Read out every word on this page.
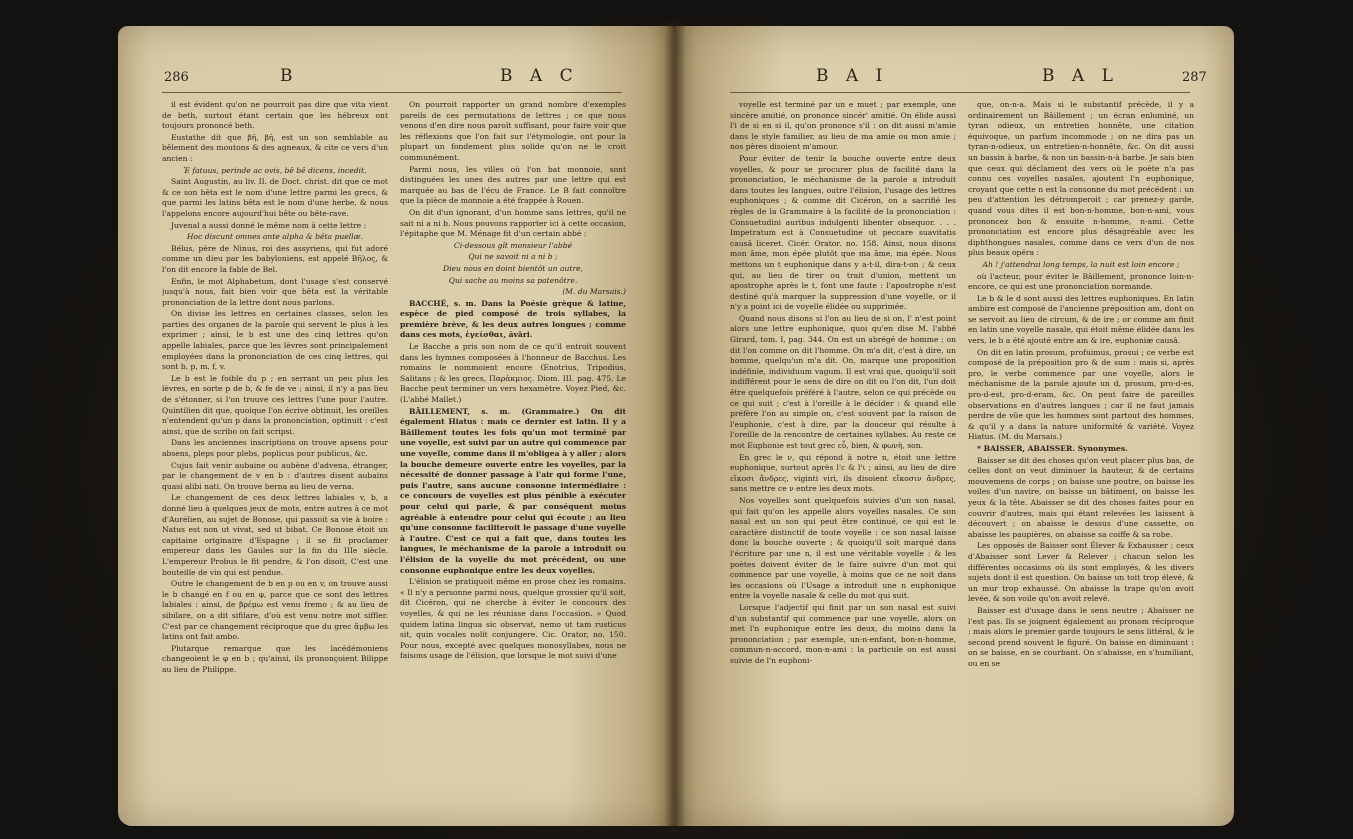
286	B	B A C

il est évident qu'on ne pourroit pas dire que vita vient de beth, surtout étant certain que les hébreux ont toujours prononcé beth.

Eustathe dit que βῆ, βῆ, est un son semblable au bêlement des moutons & des agneaux, & cite ce vers d'un ancien :

Ἐ fatuus, perinde ac ovis, bê bê dicens, incedit.

Saint Augustin, au liv. II. de Doct. christ. dit que ce mot & ce son bêta est le nom d'une lettre parmi les grecs, & que parmi les latins bêta est le nom d'une herbe, & nous l'appelons encore aujourd'hui bête ou bête-rave.

Juvenal a aussi donné le même nom à cette lettre :

Hoc discunt omnes ante alpha & bêta puellæ.

Bélus, père de Ninus, roi des assyriens, qui fut adoré comme un dieu par les babyloniens, est appelé Βῆλος, & l'on dit encore la fable de Bel.

Enfin, le mot Alphabetum, dont l'usage s'est conservé jusqu'à nous, fait bien voir que bêta est la véritable prononciation de la lettre dont nous parlons.

On divise les lettres en certaines classes, selon les parties des organes de la parole qui servent le plus à les exprimer ; ainsi, le b est une des cinq lettres qu'on appelle labiales, parce que les lèvres sont principalement employées dans la prononciation de ces cinq lettres, qui sont b, p, m, f, v.

Le b est le foible du p ; en serrant un peu plus les lèvres, en sorte p de b, & fe de ve ; ainsi, il n'y a pas lieu de s'étonner, si l'on trouve ces lettres l'une pour l'autre. Quintilien dit que, quoique l'on écrive obtinuit, les oreilles n'entendent qu'un p dans la prononciation, optinuit : c'est ainsi, que de scribo on fait scripsi.

Dans les anciennes inscriptions on trouve apsens pour absens, pleps pour plebs, poplicus pour publicus, &c.

Cujus fait venir aubaine ou aubène d'advena, étranger, par le changement de v en b : d'autres disent aubains quasi alibi nati. On trouve berna au lieu de verna.

Le changement de ces deux lettres labiales v, b, a donné lieu à quelques jeux de mots, entre autres à ce mot d'Aurélien, au sujet de Bonose, qui passoit sa vie à boire : Natus est non ut vivat, sed ut bibat. Ce Bonose étoit un capitaine originaire d'Espagne ; il se fit proclamer empereur dans les Gaules sur la fin du IIIe siècle. L'empereur Probus le fit pendre, & l'on disoit, C'est une bouteille de vin qui est pendue.

Outre le changement de b en p ou en v, on trouve aussi le b changé en f ou en φ, parce que ce sont des lettres labiales : ainsi, de βρέμω est venu fremo ; & au lieu de sibilare, on a dit sifilare, d'où est venu notre mot siffler. C'est par ce changement réciproque que du grec ἄμβω les latins ont fait ambo.

Plutarque remarque que les lacédémoniens changeoient le φ en b ; qu'ainsi, ils prononçoient Bilippe au lieu de Philippe.

On pourroit rapporter un grand nombre d'exemples pareils de ces permutations de lettres ; ce que nous venons d'en dire nous paroît suffisant, pour faire voir que les réflexions que l'on fait sur l'étymologie, ont pour la plupart un fondement plus solide qu'on ne le croit communément.

Parmi nous, les villes où l'on bat monnoie, sont distinguées les unes des autres par une lettre qui est marquée au bas de l'écu de France. Le B fait connoître que la pièce de monnoie a été frappée à Rouen.

On dit d'un ignorant, d'un homme sans lettres, qu'il ne sait ni a ni b. Nous pouvons rapporter ici à cette occasion, l'épitaphe que M. Ménage fit d'un certain abbé :

Ci-dessous gît monsieur l'abbé

Qui ne savoit ni a ni b ;

Dieu nous en doint bientôt un autre,

Qui sache au moins sa patenôtre.

(M. du Marsais.)

BACCHÉ, s. m. Dans la Poésie grèque & latine, espèce de pied composé de trois syllabes, la première brève, & les deux autres longues ; comme dans ces mots, ἐγείσθαι, ăvāri.

Le Bacche a pris son nom de ce qu'il entroit souvent dans les hymnes composées à l'honneur de Bacchus. Les romains le nommoient encore Œnotrius, Tripodius, Salitans ; & les grecs, Παρἀκμιος. Diom. III. pag. 475. Le Bacche peut terminer un vers hexamètre. Voyez Pied, &c. (L'abbé Mallet.)

BÂILLEMENT, s. m. (Grammaire.) On dit également Hiatus : mais ce dernier est latin. Il y a Bâillement toutes les fois qu'un mot terminé par une voyelle, est suivi par un autre qui commence par une voyelle, comme dans il m'obligea à y aller ; alors la bouche demeure ouverte entre les voyelles, par la nécessité de donner passage à l'air qui forme l'une, puis l'autre, sans aucune consonne intermédiaire : ce concours de voyelles est plus pénible à exécuter pour celui qui parle, & par conséquent moins agréable à entendre pour celui qui écoute ; au lieu qu'une consonne faciliteroit le passage d'une voyelle à l'autre. C'est ce qui a fait que, dans toutes les langues, le méchanisme de la parole a introduit ou l'élision de la voyelle du mot précédent, ou une consonne euphonique entre les deux voyelles.

L'élision se pratiquoit même en prose chez les romains. « Il n'y a personne parmi nous, quelque grossier qu'il soit, dit Cicéron, qui ne cherche à éviter le concours des voyelles, & qui ne les réunisse dans l'occasion. » Quod quidem latina lingua sic observat, nemo ut tam rusticus sit, quin vocales nolit conjungere. Cic. Orator, no. 150. Pour nous, excepté avec quelques monosyllabes, nous ne faisons usage de l'élision, que lorsque le mot suivi d'une

B A I	B A L	287

voyelle est terminé par un e muet ; par exemple, une sincère amitié, on prononce sincér' amitié. On élide aussi l'i de si en si il, qu'on prononce s'il : on dit aussi m'amie dans le style familier, au lieu de ma amie ou mon amie ; nos pères disoient m'amour.

Pour éviter de tenir la bouche ouverte entre deux voyelles, & pour se procurer plus de facilité dans la prononciation, le méchanisme de la parole a introduit dans toutes les langues, outre l'élision, l'usage des lettres euphoniques ; & comme dit Cicéron, on a sacrifié les règles de la Grammaire à la facilité de la prononciation : Consuetudini auribus indulgenti libenter obsequor. . . . Impetratum est à Consuetudine ut peccare suavitatis causâ liceret. Cicér. Orator. no. 158. Ainsi, nous disons mon âme, mon épée plutôt que ma âme, ma épée. Nous mettons un t euphonique dans y a-t-il, dira-t-on ; & ceux qui, au lieu de tirer ou trait d'union, mettent un apostrophe après le t, font une faute : l'apostrophe n'est destiné qu'à marquer la suppression d'une voyelle, or il n'y a point ici de voyelle élidée ou supprimée.

Quand nous disons si l'on au lieu de si on, l' n'est point alors une lettre euphonique, quoi qu'en dise M. l'abbé Girard, tom. I, pag. 344. On est un abrégé de homme ; on dit l'on comme on dit l'homme. On m'a dit, c'est à dire, un homme, quelqu'un m'a dit. On, marque une proposition indéfinie, individuum vagum. Il est vrai que, quoiqu'il soit indifférent pour le sens de dire on dit ou l'on dit, l'un doit être quelquefois préféré à l'autre, selon ce qui précède ou ce qui suit ; c'est à l'oreille à le décider : & quand elle préfère l'on au simple on, c'est souvent par la raison de l'euphonie, c'est à dire, par la douceur qui résulte à l'oreille de la rencontre de certaines syllabes. Au reste ce mot Euphonie est tout grec εὖ, bien, & φωνὴ, son.

En grec le ν, qui répond à notre n, étoit une lettre euphonique, surtout après l'ε & l'ι ; ainsi, au lieu de dire εἴκοσι ἄνδρες, viginti viri, ils disoient εἴκοσιν ἄνδρες, sans mettre ce ν entre les deux mots.

Nos voyelles sont quelquefois suivies d'un son nasal, qui fait qu'on les appelle alors voyelles nasales. Ce son nasal est un son qui peut être continué, ce qui est le caractère distinctif de toute voyelle : ce son nasal laisse donc la bouche ouverte ; & quoiqu'il soit marqué dans l'écriture par une n, il est une véritable voyelle : & les poètes doivent éviter de le faire suivre d'un mot qui commence par une voyelle, à moins que ce ne soit dans les occasions où l'Usage a introduit une n euphonique entre la voyelle nasale & celle du mot qui suit.

Lorsque l'adjectif qui finit par un son nasal est suivi d'un substantif qui commence par une voyelle, alors on met l'n euphonique entre les deux, du moins dans la prononciation ; par exemple, un-n-enfant, bon-n-homme, commun-n-accord, mon-n-ami : la particule on est aussi suivie de l'n euphoni-

que, on-n-a. Mais si le substantif précède, il y a ordinairement un Bâillement ; un écran enluminé, un tyran odieux, un entretien honnête, une citation équivoque, un parfum incommode ; on ne dira pas un tyran-n-odieux, un entretien-n-honnête, &c. On dit aussi un bassin à barbe, & non un bassin-n-à barbe. Je sais bien que ceux qui déclament des vers où le poète n'a pas connu ces voyelles nasales, ajoutent l'n euphonique, croyant que cette n est la consonne du mot précédent : un peu d'attention les détromperoit ; car prenez-y garde, quand vous dites il est bon-n-homme, bon-n-ami, vous prononcez bon & ensuite n-homme, n-ami. Cette prononciation est encore plus désagréable avec les diphthongues nasales, comme dans ce vers d'un de nos plus beaux opéra :

Ah ! j'attendrai long temps, la nuit est loin encore ;

où l'acteur, pour éviter le Bâillement, prononce loin-n-encore, ce qui est une prononciation normande.

Le b & le d sont aussi des lettres euphoniques. En latin ambire est composé de l'ancienne préposition am, dont on se servoit au lieu de circum, & de ire ; or comme am finit en latin une voyelle nasale, qui étoit même élidée dans les vers, le b a été ajouté entre am & ire, euphoniæ causâ.

On dit en latin prosum, profuimus, prosui ; ce verbe est composé de la préposition pro & de sum : mais si, après pro, le verbe commence par une voyelle, alors le méchanisme de la parole ajoute un d, prosum, pro-d-es, pro-d-est, pro-d-eram, &c. On peut faire de pareilles observations en d'autres langues ; car il ne faut jamais perdre de vûe que les hommes sont partout des hommes, & qu'il y a dans la nature uniformité & variété. Voyez Hiatus. (M. du Marsais.)

* BAISSER, ABAISSER. Synonymes.

Baisser se dit des choses qu'on veut placer plus bas, de celles dont on veut diminuer la hauteur, & de certains mouvemens de corps ; on baisse une poutre, on baisse les voiles d'un navire, on baisse un bâtiment, on baisse les yeux & la tête. Abaisser se dit des choses faites pour en couvrir d'autres, mais qui étant relevées les laissent à découvert ; on abaisse le dessus d'une cassette, on abaisse les paupières, on abaisse sa coiffe & sa robe.

Les opposés de Baisser sont Élever & Exhausser ; ceux d'Abaisser sont Lever & Relever ; chacun selon les différentes occasions où ils sont employés, & les divers sujets dont il est question. On baisse un toit trop élevé, & un mur trop exhaussé. On abaisse la trape qu'on avoit levée, & son voile qu'on avoit relevé.

Baisser est d'usage dans le sens neutre ; Abaisser ne l'est pas. Ils se joignent également au pronom réciproque : mais alors le premier garde toujours le sens littéral, & le second prend souvent le figuré. On baisse en diminuant : on se baisse, en se courbant. On s'abaisse, en s'humiliant, ou en se
